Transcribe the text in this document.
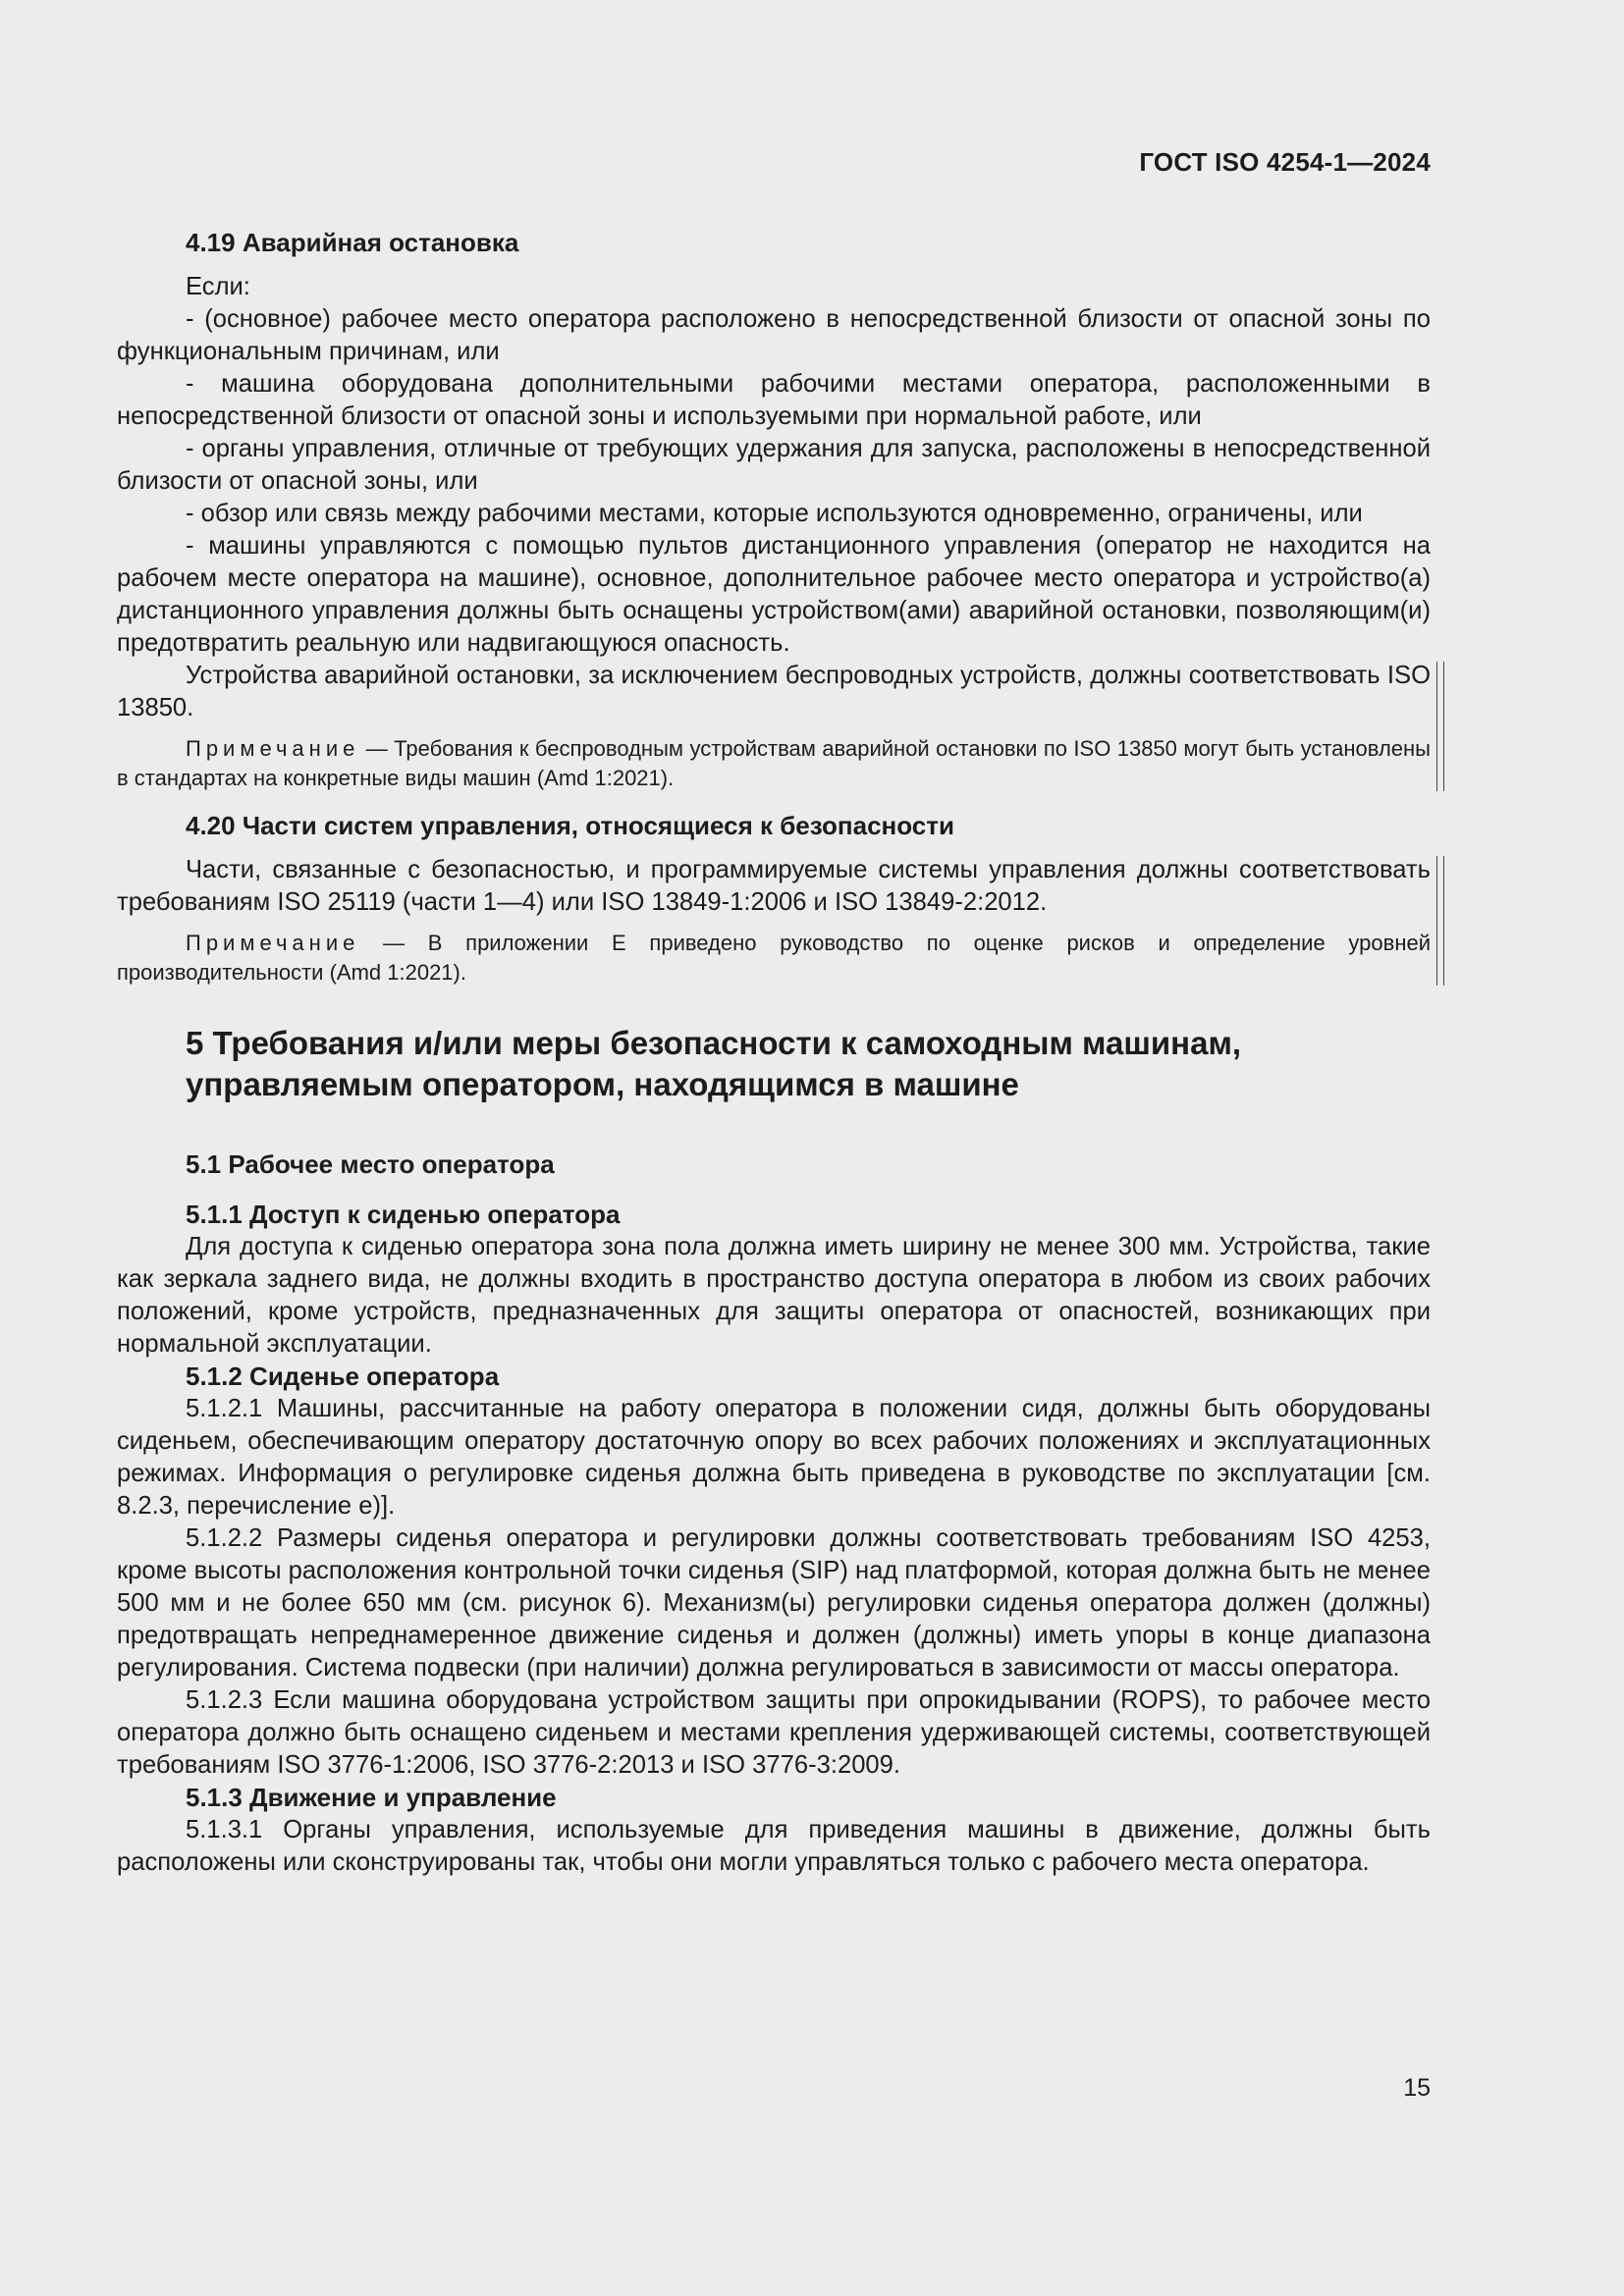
ГОСТ ISO 4254-1—2024
4.19 Аварийная остановка

Если:

- (основное) рабочее место оператора расположено в непосредственной близости от опасной зоны по функциональным причинам, или

- машина оборудована дополнительными рабочими местами оператора, расположенными в непосредственной близости от опасной зоны и используемыми при нормальной работе, или

- органы управления, отличные от требующих удержания для запуска, расположены в непосредственной близости от опасной зоны, или

- обзор или связь между рабочими местами, которые используются одновременно, ограничены, или

- машины управляются с помощью пультов дистанционного управления (оператор не находится на рабочем месте оператора на машине), основное, дополнительное рабочее место оператора и устройство(а) дистанционного управления должны быть оснащены устройством(ами) аварийной остановки, позволяющим(и) предотвратить реальную или надвигающуюся опасность.

Устройства аварийной остановки, за исключением беспроводных устройств, должны соответствовать ISO 13850.

Примечание — Требования к беспроводным устройствам аварийной остановки по ISO 13850 могут быть установлены в стандартах на конкретные виды машин (Amd 1:2021).
4.20 Части систем управления, относящиеся к безопасности

Части, связанные с безопасностью, и программируемые системы управления должны соответствовать требованиям ISO 25119 (части 1—4) или ISO 13849-1:2006 и ISO 13849-2:2012.

Примечание — В приложении Е приведено руководство по оценке рисков и определение уровней производительности (Amd 1:2021).
5 Требования и/или меры безопасности к самоходным машинам,
управляемым оператором, находящимся в машине
5.1 Рабочее место оператора
5.1.1 Доступ к сиденью оператора

Для доступа к сиденью оператора зона пола должна иметь ширину не менее 300 мм. Устройства, такие как зеркала заднего вида, не должны входить в пространство доступа оператора в любом из своих рабочих положений, кроме устройств, предназначенных для защиты оператора от опасностей, возникающих при нормальной эксплуатации.

5.1.2 Сиденье оператора

5.1.2.1 Машины, рассчитанные на работу оператора в положении сидя, должны быть оборудованы сиденьем, обеспечивающим оператору достаточную опору во всех рабочих положениях и эксплуатационных режимах. Информация о регулировке сиденья должна быть приведена в руководстве по эксплуатации [см. 8.2.3, перечисление е)].

5.1.2.2 Размеры сиденья оператора и регулировки должны соответствовать требованиям ISO 4253, кроме высоты расположения контрольной точки сиденья (SIP) над платформой, которая должна быть не менее 500 мм и не более 650 мм (см. рисунок 6). Механизм(ы) регулировки сиденья оператора должен (должны) предотвращать непреднамеренное движение сиденья и должен (должны) иметь упоры в конце диапазона регулирования. Система подвески (при наличии) должна регулироваться в зависимости от массы оператора.

5.1.2.3 Если машина оборудована устройством защиты при опрокидывании (ROPS), то рабочее место оператора должно быть оснащено сиденьем и местами крепления удерживающей системы, соответствующей требованиям ISO 3776-1:2006, ISO 3776-2:2013 и ISO 3776-3:2009.

5.1.3 Движение и управление

5.1.3.1 Органы управления, используемые для приведения машины в движение, должны быть расположены или сконструированы так, чтобы они могли управляться только с рабочего места оператора.

15
